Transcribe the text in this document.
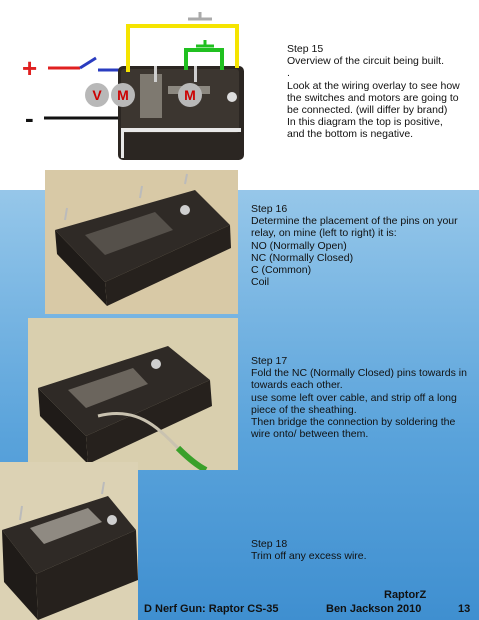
+
-
V M	M
Step 15
Overview of the circuit being built.
.
Look at the wiring overlay to see how
the switches and motors are going to
be connected. (will differ by brand)
In this diagram the top is positive,
and the bottom is negative.
Step 16
Determine the placement of the pins on your
relay, on mine (left to right) it is:
NO (Normally Open)
NC (Normally Closed)
C (Common)
Coil
Step 17
Fold the NC (Normally Closed) pins towards in
towards each other.
use some left over cable, and strip off a long
piece of the sheathing.
Then bridge the connection by soldering the
wire onto/ between them.
Step 18
Trim off any excess wire.
RaptorZ
D Nerf Gun: Raptor CS-35	Ben Jackson 2010	13
